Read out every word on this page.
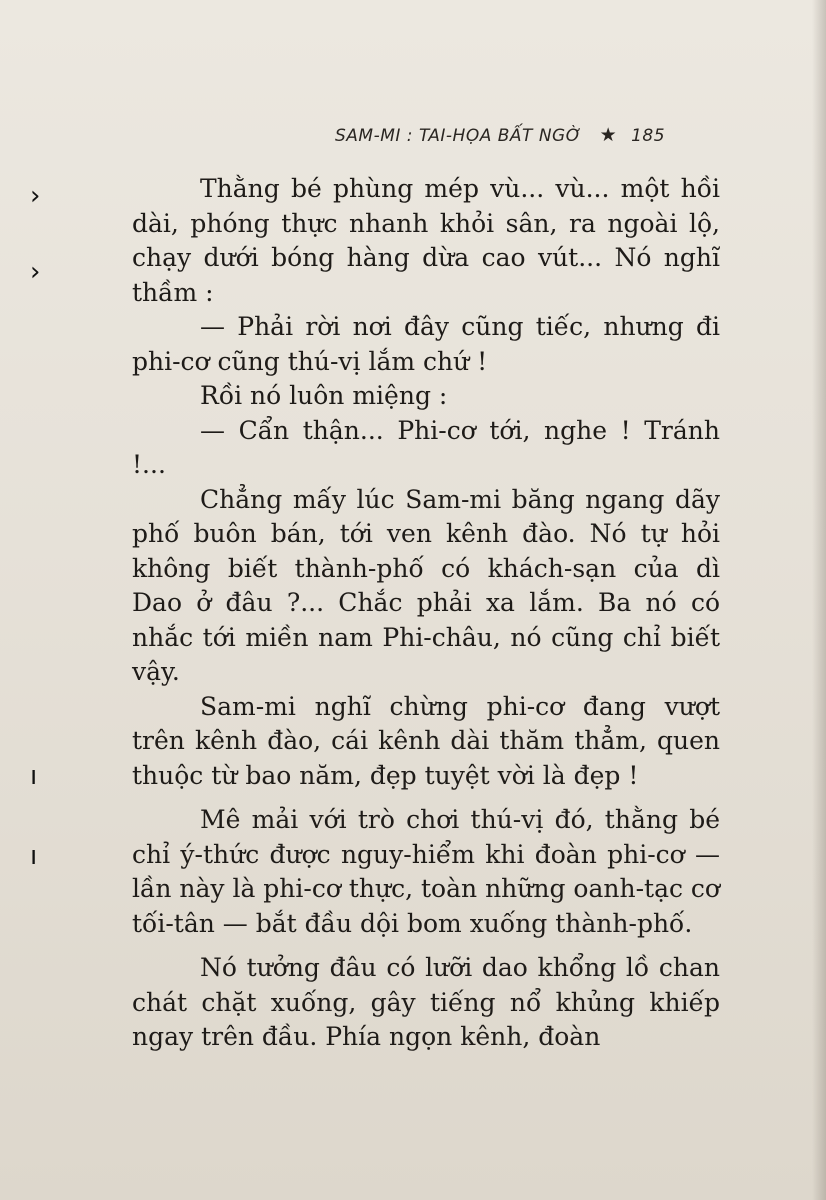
›
›
ı
ı
SAM-MI : TAI-HỌA BẤT NGỜ ★ 185

Thằng bé phùng mép vù... vù... một hồi dài, phóng thực nhanh khỏi sân, ra ngoài lộ, chạy dưới bóng hàng dừa cao vút... Nó nghĩ thầm :

— Phải rời nơi đây cũng tiếc, nhưng đi phi-cơ cũng thú-vị lắm chứ !

Rồi nó luôn miệng :

— Cẩn thận... Phi-cơ tới, nghe ! Tránh !...

Chẳng mấy lúc Sam-mi băng ngang dãy phố buôn bán, tới ven kênh đào. Nó tự hỏi không biết thành-phố có khách-sạn của dì Dao ở đâu ?... Chắc phải xa lắm. Ba nó có nhắc tới miền nam Phi-châu, nó cũng chỉ biết vậy.

Sam-mi nghĩ chừng phi-cơ đang vượt trên kênh đào, cái kênh dài thăm thẳm, quen thuộc từ bao năm, đẹp tuyệt vời là đẹp !

Mê mải với trò chơi thú-vị đó, thằng bé chỉ ý-thức được nguy-hiểm khi đoàn phi-cơ — lần này là phi-cơ thực, toàn những oanh-tạc cơ tối-tân — bắt đầu dội bom xuống thành-phố.

Nó tưởng đâu có lưỡi dao khổng lồ chan chát chặt xuống, gây tiếng nổ khủng khiếp ngay trên đầu. Phía ngọn kênh, đoàn
